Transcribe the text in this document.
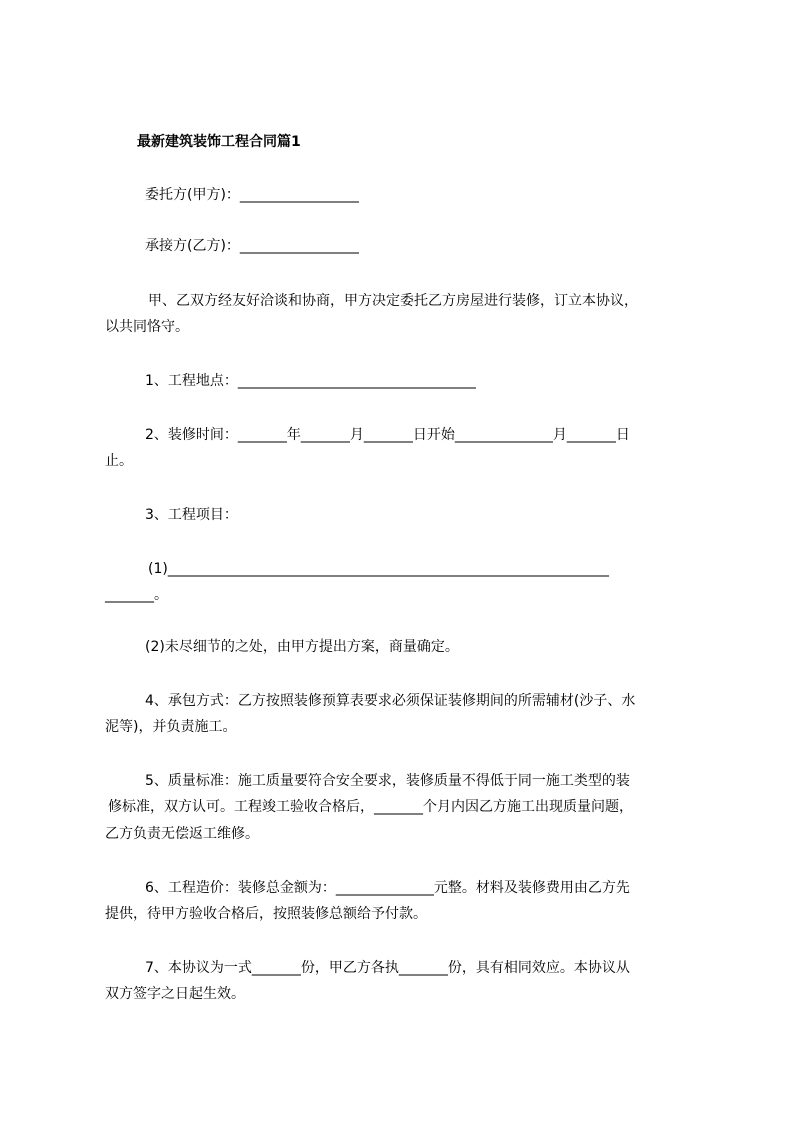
最新建筑装饰工程合同篇1
委托方(甲方)：_________________
承接方(乙方)：_________________
甲、乙双方经友好洽谈和协商，甲方决定委托乙方房屋进行装修，订立本协议，
以共同恪守。
1、工程地点：__________________________________
2、装修时间：_______年_______月_______日开始______________月_______日
止。
3、工程项目：
(1)_______________________________________________________________
_______。
(2)未尽细节的之处，由甲方提出方案，商量确定。
4、承包方式：乙方按照装修预算表要求必须保证装修期间的所需辅材(沙子、水
泥等)，并负责施工。
5、质量标准：施工质量要符合安全要求，装修质量不得低于同一施工类型的装
修标准，双方认可。工程竣工验收合格后，_______个月内因乙方施工出现质量问题，
乙方负责无偿返工维修。
6、工程造价：装修总金额为：______________元整。材料及装修费用由乙方先
提供，待甲方验收合格后，按照装修总额给予付款。
7、本协议为一式_______份，甲乙方各执_______份，具有相同效应。本协议从
双方签字之日起生效。
